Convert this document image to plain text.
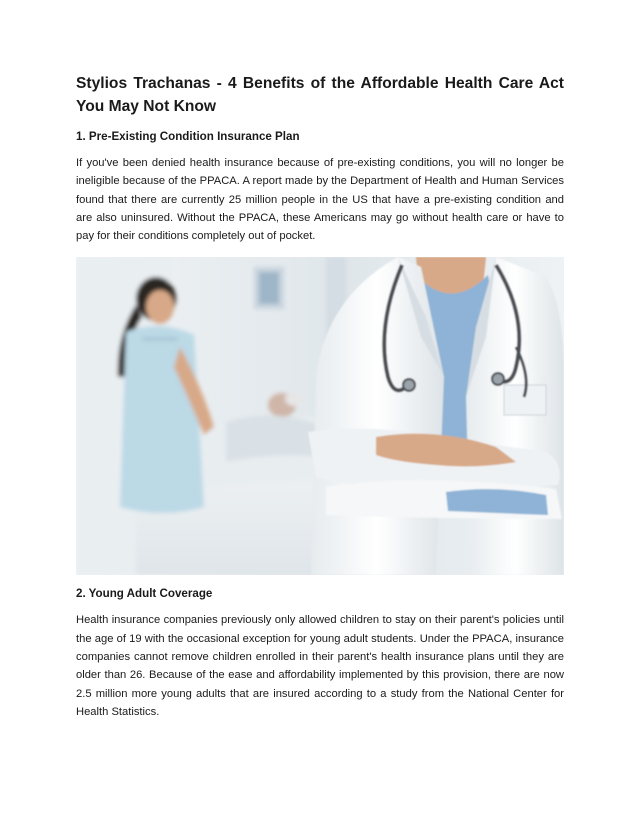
Stylios Trachanas - 4 Benefits of the Affordable Health Care Act You May Not Know
1. Pre-Existing Condition Insurance Plan

If you've been denied health insurance because of pre-existing conditions, you will no longer be ineligible because of the PPACA. A report made by the Department of Health and Human Services found that there are currently 25 million people in the US that have a pre-existing condition and are also uninsured. Without the PPACA, these Americans may go without health care or have to pay for their conditions completely out of pocket.

2. Young Adult Coverage

Health insurance companies previously only allowed children to stay on their parent's policies until the age of 19 with the occasional exception for young adult students. Under the PPACA, insurance companies cannot remove children enrolled in their parent's health insurance plans until they are older than 26. Because of the ease and affordability implemented by this provision, there are now 2.5 million more young adults that are insured according to a study from the National Center for Health Statistics.
